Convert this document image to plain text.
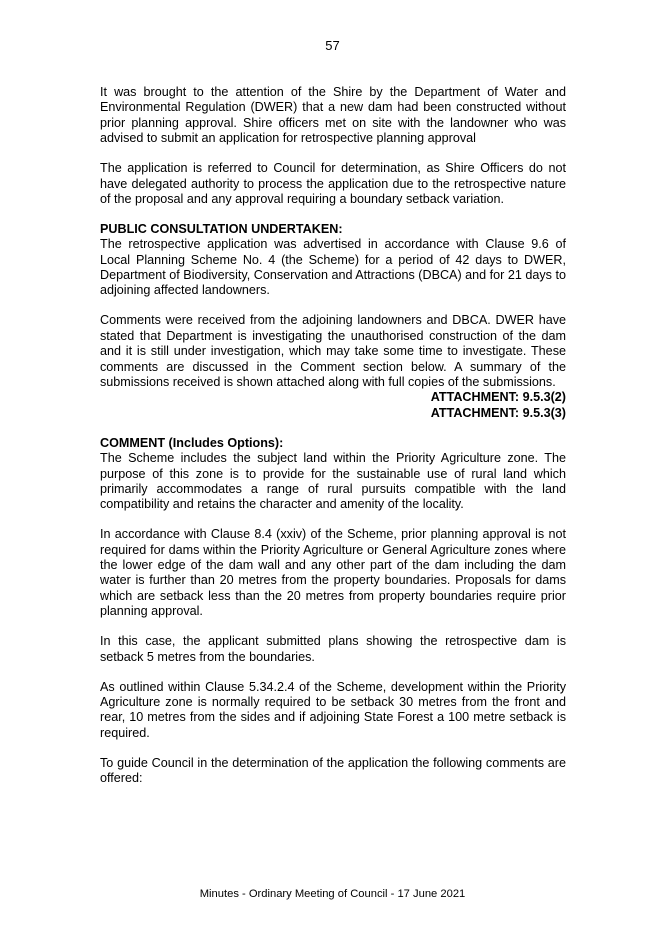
57

It was brought to the attention of the Shire by the Department of Water and Environmental Regulation (DWER) that a new dam had been constructed without prior planning approval. Shire officers met on site with the landowner who was advised to submit an application for retrospective planning approval

The application is referred to Council for determination, as Shire Officers do not have delegated authority to process the application due to the retrospective nature of the proposal and any approval requiring a boundary setback variation.

PUBLIC CONSULTATION UNDERTAKEN:

The retrospective application was advertised in accordance with Clause 9.6 of Local Planning Scheme No. 4 (the Scheme) for a period of 42 days to DWER, Department of Biodiversity, Conservation and Attractions (DBCA) and for 21 days to adjoining affected landowners.

Comments were received from the adjoining landowners and DBCA. DWER have stated that Department is investigating the unauthorised construction of the dam and it is still under investigation, which may take some time to investigate. These comments are discussed in the Comment section below. A summary of the submissions received is shown attached along with full copies of the submissions.

ATTACHMENT: 9.5.3(2)
ATTACHMENT: 9.5.3(3)
COMMENT (Includes Options):

The Scheme includes the subject land within the Priority Agriculture zone. The purpose of this zone is to provide for the sustainable use of rural land which primarily accommodates a range of rural pursuits compatible with the land compatibility and retains the character and amenity of the locality.

In accordance with Clause 8.4 (xxiv) of the Scheme, prior planning approval is not required for dams within the Priority Agriculture or General Agriculture zones where the lower edge of the dam wall and any other part of the dam including the dam water is further than 20 metres from the property boundaries. Proposals for dams which are setback less than the 20 metres from property boundaries require prior planning approval.

In this case, the applicant submitted plans showing the retrospective dam is setback 5 metres from the boundaries.

As outlined within Clause 5.34.2.4 of the Scheme, development within the Priority Agriculture zone is normally required to be setback 30 metres from the front and rear, 10 metres from the sides and if adjoining State Forest a 100 metre setback is required.

To guide Council in the determination of the application the following comments are offered:

Minutes - Ordinary Meeting of Council - 17 June 2021
